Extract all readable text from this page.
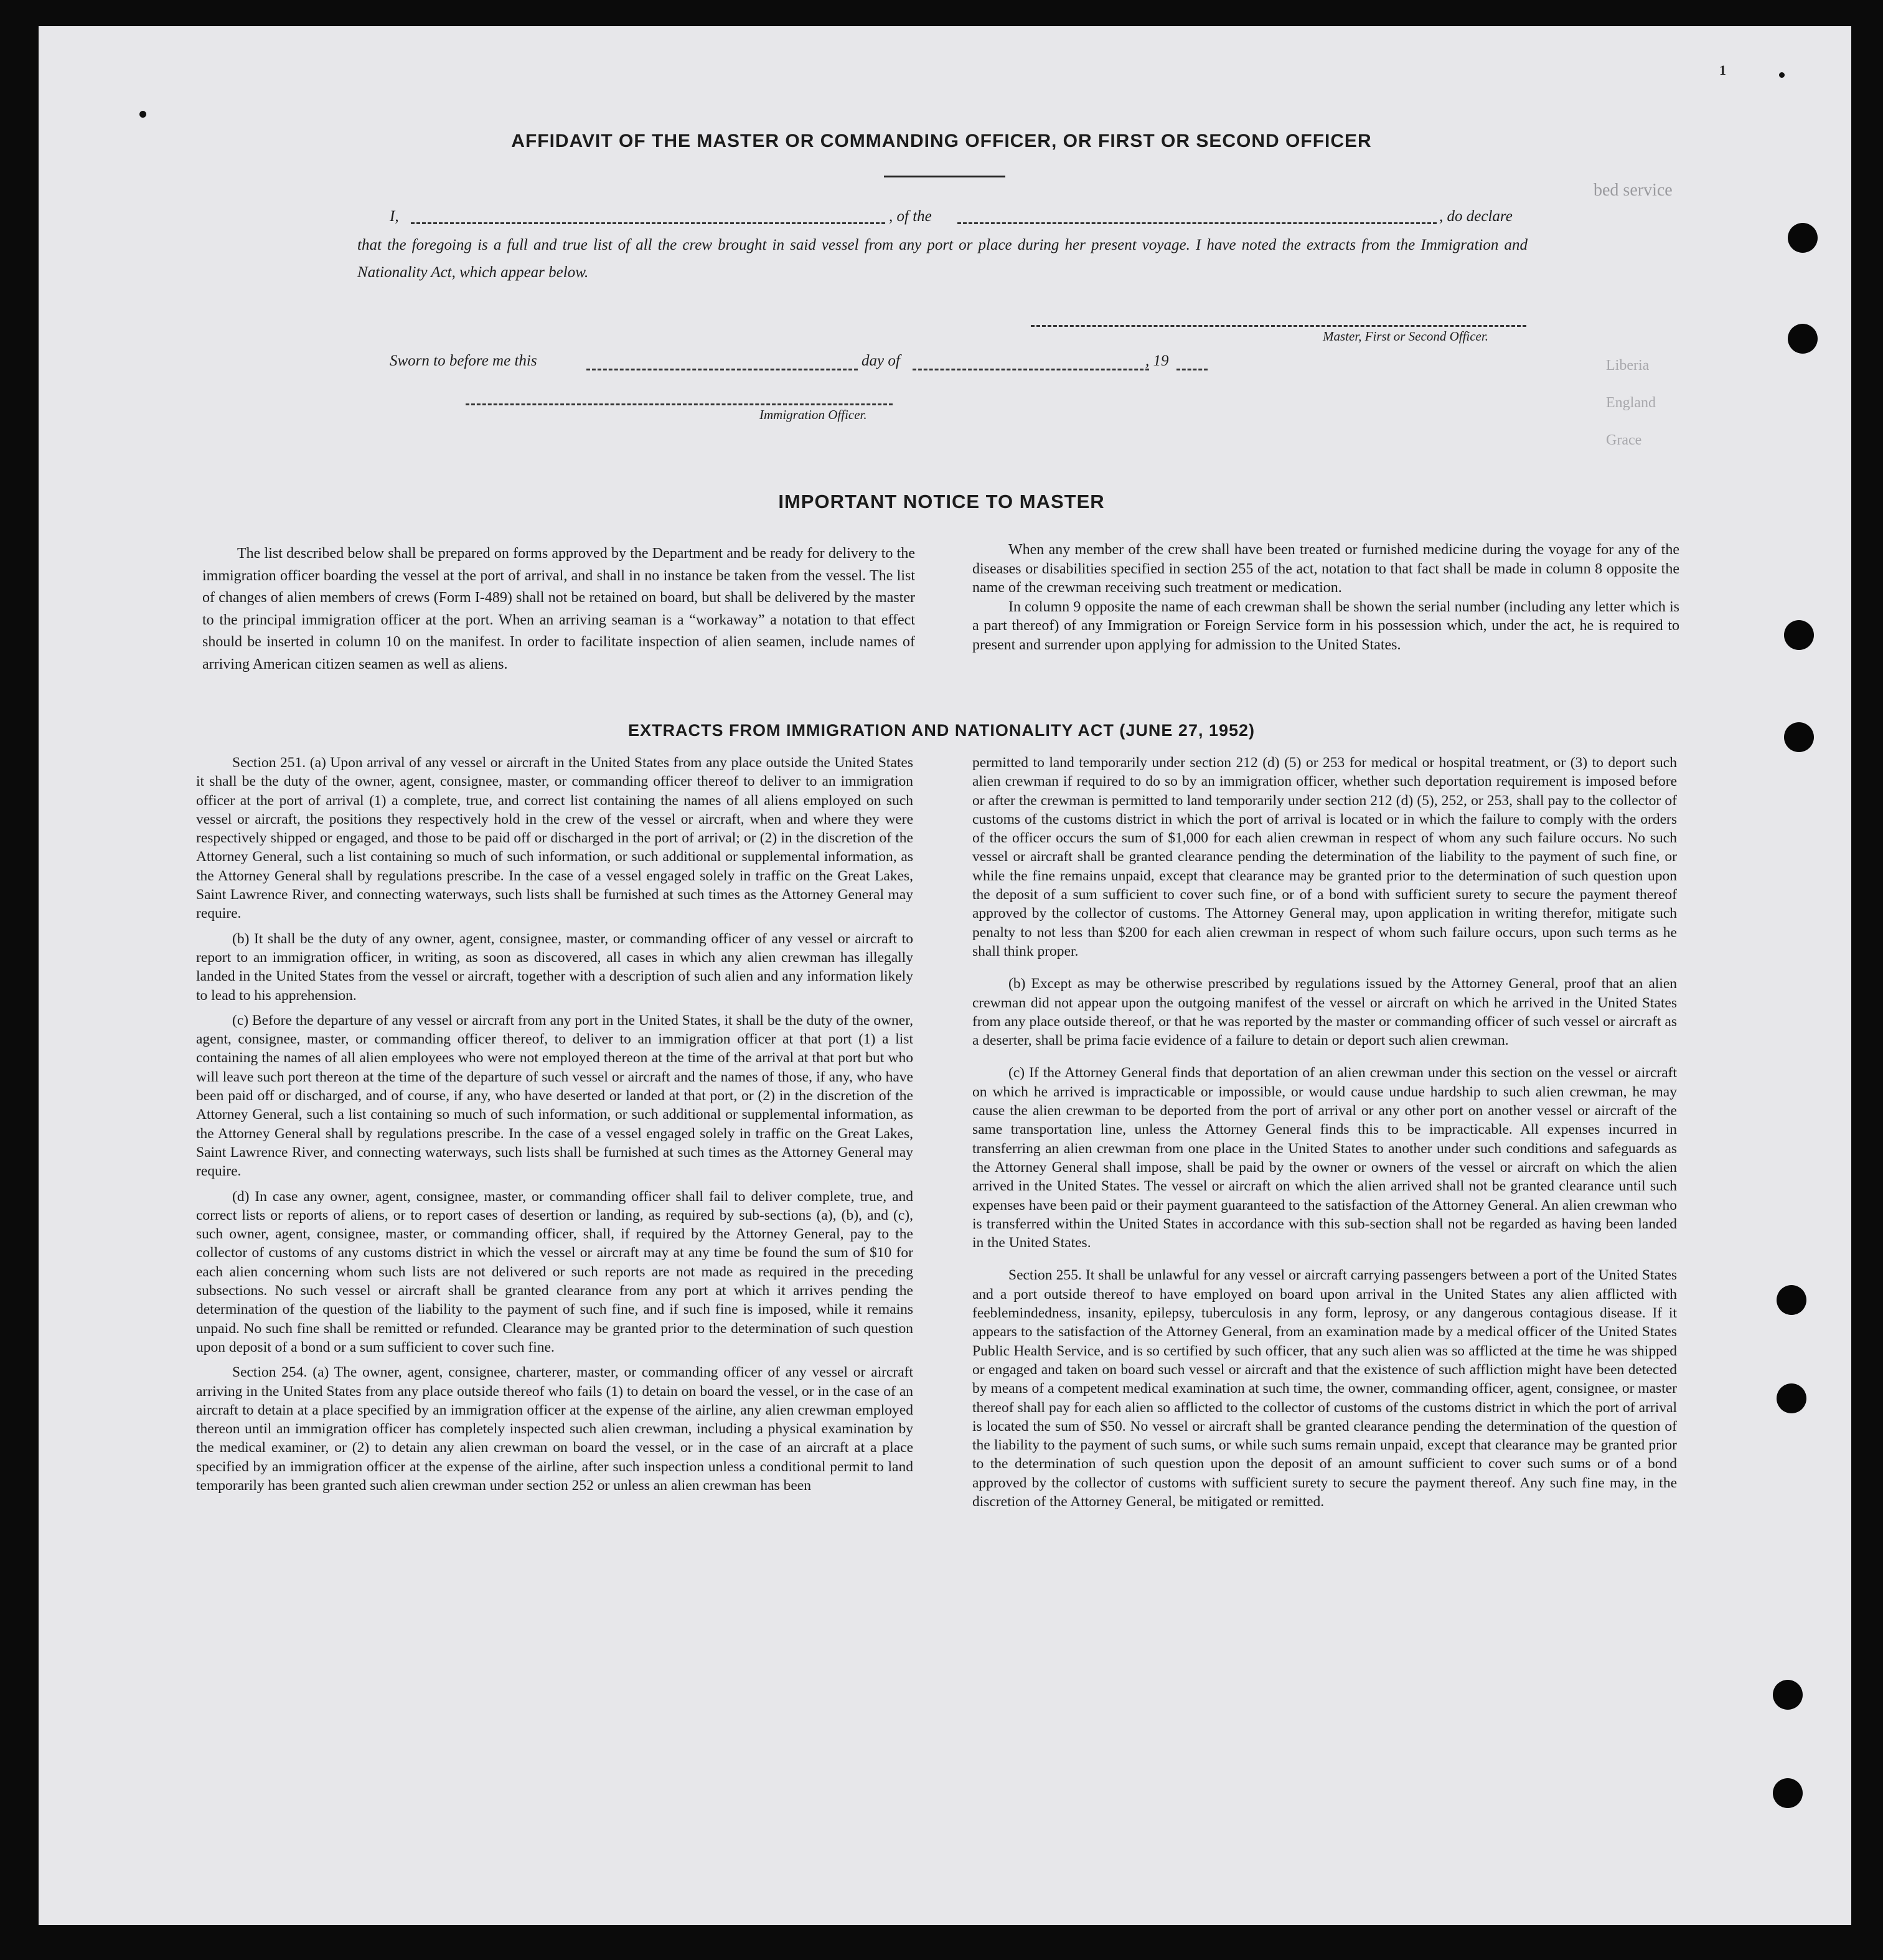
1
bed service
Liberia
England
Grace
AFFIDAVIT OF THE MASTER OR COMMANDING OFFICER, OR FIRST OR SECOND OFFICER
I,	, of the	, do declare
that the foregoing is a full and true list of all the crew brought in said vessel from any port or place during her present voyage. I have noted the extracts from the Immigration and Nationality Act, which appear below.
Master, First or Second Officer.
Sworn to before me this	day of	, 19
Immigration Officer.
IMPORTANT NOTICE TO MASTER

The list described below shall be prepared on forms approved by the Department and be ready for delivery to the immigration officer boarding the vessel at the port of arrival, and shall in no instance be taken from the vessel. The list of changes of alien members of crews (Form I-489) shall not be retained on board, but shall be delivered by the master to the principal immigration officer at the port. When an arriving seaman is a “workaway” a notation to that effect should be inserted in column 10 on the manifest. In order to facilitate inspection of alien seamen, include names of arriving American citizen seamen as well as aliens.

When any member of the crew shall have been treated or furnished medicine during the voyage for any of the diseases or disabilities specified in section 255 of the act, notation to that fact shall be made in column 8 opposite the name of the crewman receiving such treatment or medication.

In column 9 opposite the name of each crewman shall be shown the serial number (including any letter which is a part thereof) of any Immigration or Foreign Service form in his possession which, under the act, he is required to present and surrender upon applying for admission to the United States.

EXTRACTS FROM IMMIGRATION AND NATIONALITY ACT (JUNE 27, 1952)

Section 251. (a) Upon arrival of any vessel or aircraft in the United States from any place outside the United States it shall be the duty of the owner, agent, consignee, master, or commanding officer thereof to deliver to an immigration officer at the port of arrival (1) a complete, true, and correct list containing the names of all aliens employed on such vessel or aircraft, the positions they respectively hold in the crew of the vessel or aircraft, when and where they were respectively shipped or engaged, and those to be paid off or discharged in the port of arrival; or (2) in the discretion of the Attorney General, such a list containing so much of such information, or such additional or supplemental information, as the Attorney General shall by regulations prescribe. In the case of a vessel engaged solely in traffic on the Great Lakes, Saint Lawrence River, and connecting waterways, such lists shall be furnished at such times as the Attorney General may require.

(b) It shall be the duty of any owner, agent, consignee, master, or commanding officer of any vessel or aircraft to report to an immigration officer, in writing, as soon as discovered, all cases in which any alien crewman has illegally landed in the United States from the vessel or aircraft, together with a description of such alien and any information likely to lead to his apprehension.

(c) Before the departure of any vessel or aircraft from any port in the United States, it shall be the duty of the owner, agent, consignee, master, or commanding officer thereof, to deliver to an immigration officer at that port (1) a list containing the names of all alien employees who were not employed thereon at the time of the arrival at that port but who will leave such port thereon at the time of the departure of such vessel or aircraft and the names of those, if any, who have been paid off or discharged, and of course, if any, who have deserted or landed at that port, or (2) in the discretion of the Attorney General, such a list containing so much of such information, or such additional or supplemental information, as the Attorney General shall by regulations prescribe. In the case of a vessel engaged solely in traffic on the Great Lakes, Saint Lawrence River, and connecting waterways, such lists shall be furnished at such times as the Attorney General may require.

(d) In case any owner, agent, consignee, master, or commanding officer shall fail to deliver complete, true, and correct lists or reports of aliens, or to report cases of desertion or landing, as required by sub-sections (a), (b), and (c), such owner, agent, consignee, master, or commanding officer, shall, if required by the Attorney General, pay to the collector of customs of any customs district in which the vessel or aircraft may at any time be found the sum of $10 for each alien concerning whom such lists are not delivered or such reports are not made as required in the preceding subsections. No such vessel or aircraft shall be granted clearance from any port at which it arrives pending the determination of the question of the liability to the payment of such fine, and if such fine is imposed, while it remains unpaid. No such fine shall be remitted or refunded. Clearance may be granted prior to the determination of such question upon deposit of a bond or a sum sufficient to cover such fine.

Section 254. (a) The owner, agent, consignee, charterer, master, or commanding officer of any vessel or aircraft arriving in the United States from any place outside thereof who fails (1) to detain on board the vessel, or in the case of an aircraft to detain at a place specified by an immigration officer at the expense of the airline, any alien crewman employed thereon until an immigration officer has completely inspected such alien crewman, including a physical examination by the medical examiner, or (2) to detain any alien crewman on board the vessel, or in the case of an aircraft at a place specified by an immigration officer at the expense of the airline, after such inspection unless a conditional permit to land temporarily has been granted such alien crewman under section 252 or unless an alien crewman has been

permitted to land temporarily under section 212 (d) (5) or 253 for medical or hospital treatment, or (3) to deport such alien crewman if required to do so by an immigration officer, whether such deportation requirement is imposed before or after the crewman is permitted to land temporarily under section 212 (d) (5), 252, or 253, shall pay to the collector of customs of the customs district in which the port of arrival is located or in which the failure to comply with the orders of the officer occurs the sum of $1,000 for each alien crewman in respect of whom any such failure occurs. No such vessel or aircraft shall be granted clearance pending the determination of the liability to the payment of such fine, or while the fine remains unpaid, except that clearance may be granted prior to the determination of such question upon the deposit of a sum sufficient to cover such fine, or of a bond with sufficient surety to secure the payment thereof approved by the collector of customs. The Attorney General may, upon application in writing therefor, mitigate such penalty to not less than $200 for each alien crewman in respect of whom such failure occurs, upon such terms as he shall think proper.

(b) Except as may be otherwise prescribed by regulations issued by the Attorney General, proof that an alien crewman did not appear upon the outgoing manifest of the vessel or aircraft on which he arrived in the United States from any place outside thereof, or that he was reported by the master or commanding officer of such vessel or aircraft as a deserter, shall be prima facie evidence of a failure to detain or deport such alien crewman.

(c) If the Attorney General finds that deportation of an alien crewman under this section on the vessel or aircraft on which he arrived is impracticable or impossible, or would cause undue hardship to such alien crewman, he may cause the alien crewman to be deported from the port of arrival or any other port on another vessel or aircraft of the same transportation line, unless the Attorney General finds this to be impracticable. All expenses incurred in transferring an alien crewman from one place in the United States to another under such conditions and safeguards as the Attorney General shall impose, shall be paid by the owner or owners of the vessel or aircraft on which the alien arrived in the United States. The vessel or aircraft on which the alien arrived shall not be granted clearance until such expenses have been paid or their payment guaranteed to the satisfaction of the Attorney General. An alien crewman who is transferred within the United States in accordance with this sub-section shall not be regarded as having been landed in the United States.

Section 255. It shall be unlawful for any vessel or aircraft carrying passengers between a port of the United States and a port outside thereof to have employed on board upon arrival in the United States any alien afflicted with feeblemindedness, insanity, epilepsy, tuberculosis in any form, leprosy, or any dangerous contagious disease. If it appears to the satisfaction of the Attorney General, from an examination made by a medical officer of the United States Public Health Service, and is so certified by such officer, that any such alien was so afflicted at the time he was shipped or engaged and taken on board such vessel or aircraft and that the existence of such affliction might have been detected by means of a competent medical examination at such time, the owner, commanding officer, agent, consignee, or master thereof shall pay for each alien so afflicted to the collector of customs of the customs district in which the port of arrival is located the sum of $50. No vessel or aircraft shall be granted clearance pending the determination of the question of the liability to the payment of such sums, or while such sums remain unpaid, except that clearance may be granted prior to the determination of such question upon the deposit of an amount sufficient to cover such sums or of a bond approved by the collector of customs with sufficient surety to secure the payment thereof. Any such fine may, in the discretion of the Attorney General, be mitigated or remitted.
